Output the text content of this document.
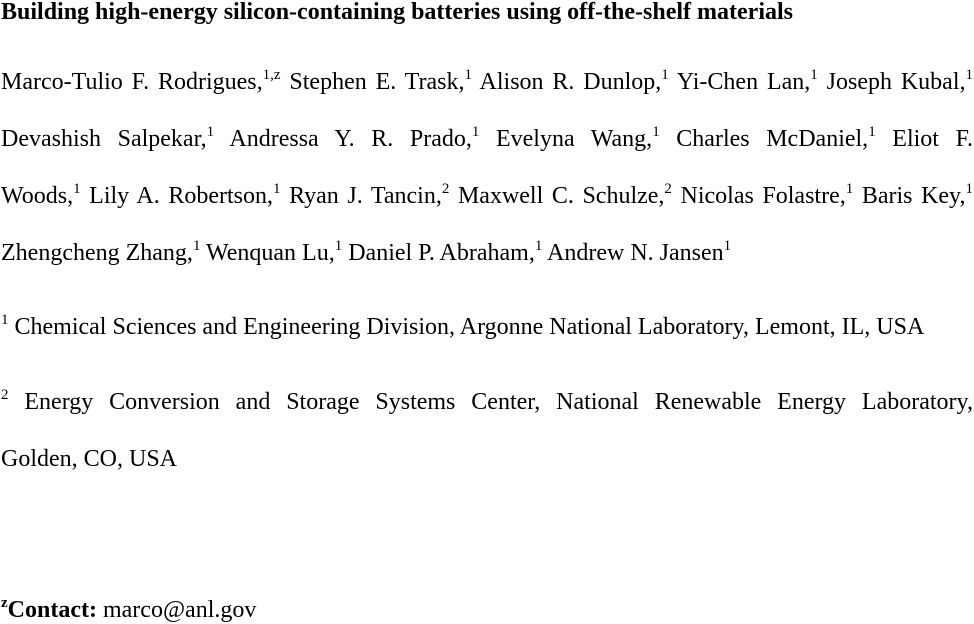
Building high-energy silicon-containing batteries using off-the-shelf materials
Marco-Tulio F. Rodrigues,$^{1,z}$ Stephen E. Trask,$^1$ Alison R. Dunlop,$^1$ Yi-Chen Lan,$^1$ Joseph Kubal,$^1$
Devashish Salpekar,$^1$ Andressa Y. R. Prado,$^1$ Evelyna Wang,$^1$ Charles McDaniel,$^1$ Eliot F.
Woods,$^1$ Lily A. Robertson,$^1$ Ryan J. Tancin,$^2$ Maxwell C. Schulze,$^2$ Nicolas Folastre,$^1$ Baris Key,$^1$
Zhengcheng Zhang,$^1$ Wenquan Lu,$^1$ Daniel P. Abraham,$^1$ Andrew N. Jansen$^1$
$^1$ Chemical Sciences and Engineering Division, Argonne National Laboratory, Lemont, IL, USA
$^2$ Energy Conversion and Storage Systems Center, National Renewable Energy Laboratory,
Golden, CO, USA
$^z$Contact: marco@anl.gov
